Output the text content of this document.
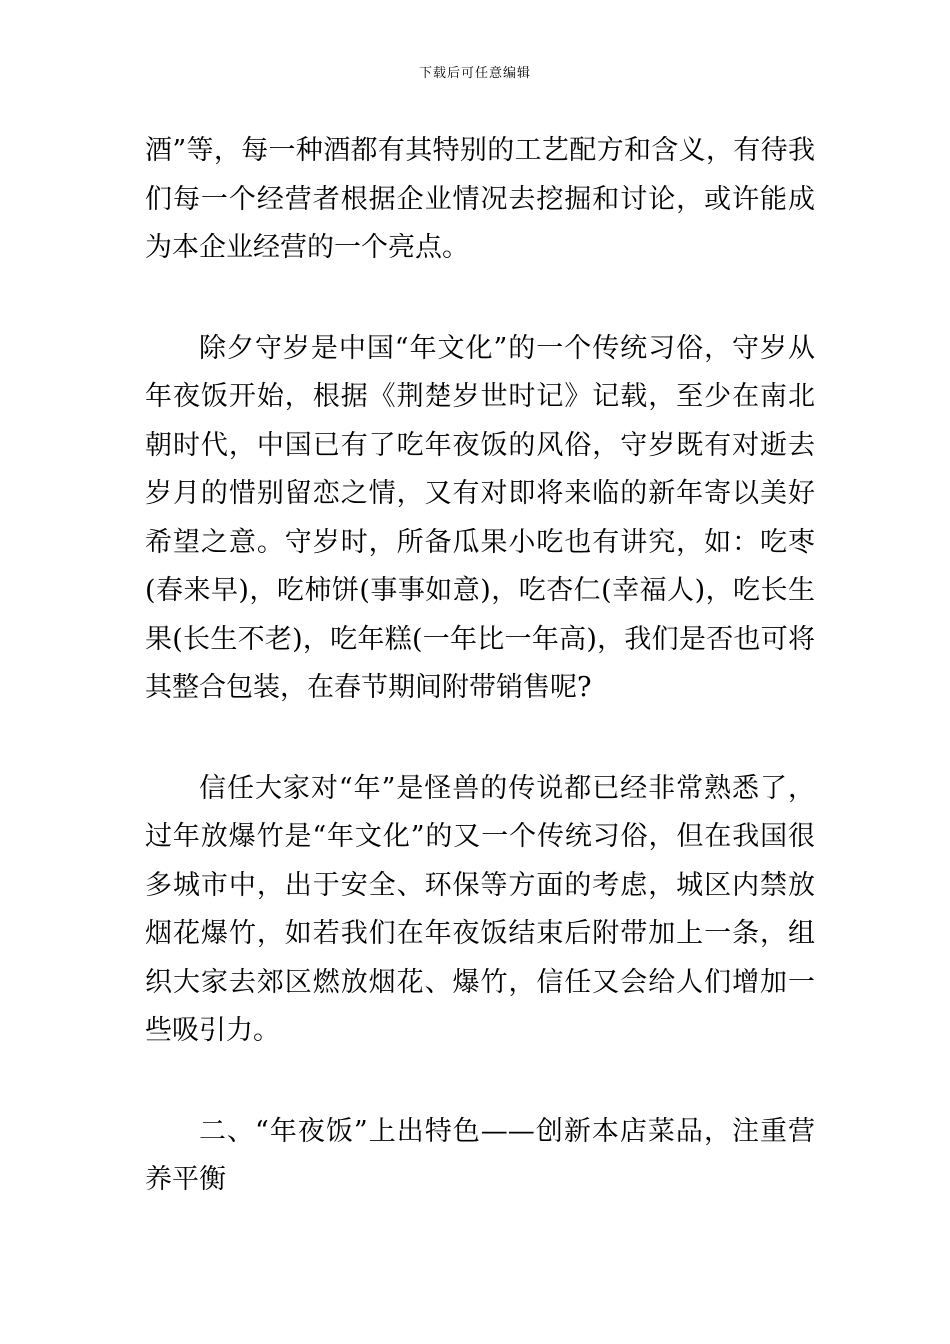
下载后可任意编辑

酒”等，每一种酒都有其特别的工艺配方和含义，有待我们每一个经营者根据企业情况去挖掘和讨论，或许能成为本企业经营的一个亮点。

除夕守岁是中国“年文化”的一个传统习俗，守岁从年夜饭开始，根据《荆楚岁世时记》记载，至少在南北朝时代，中国已有了吃年夜饭的风俗，守岁既有对逝去岁月的惜别留恋之情，又有对即将来临的新年寄以美好希望之意。守岁时，所备瓜果小吃也有讲究，如：吃枣(春来早)，吃柿饼(事事如意)，吃杏仁(幸福人)，吃长生果(长生不老)，吃年糕(一年比一年高)，我们是否也可将其整合包装，在春节期间附带销售呢?

信任大家对“年”是怪兽的传说都已经非常熟悉了，过年放爆竹是“年文化”的又一个传统习俗，但在我国很多城市中，出于安全、环保等方面的考虑，城区内禁放烟花爆竹，如若我们在年夜饭结束后附带加上一条，组织大家去郊区燃放烟花、爆竹，信任又会给人们增加一些吸引力。

二、“年夜饭”上出特色——创新本店菜品，注重营养平衡
